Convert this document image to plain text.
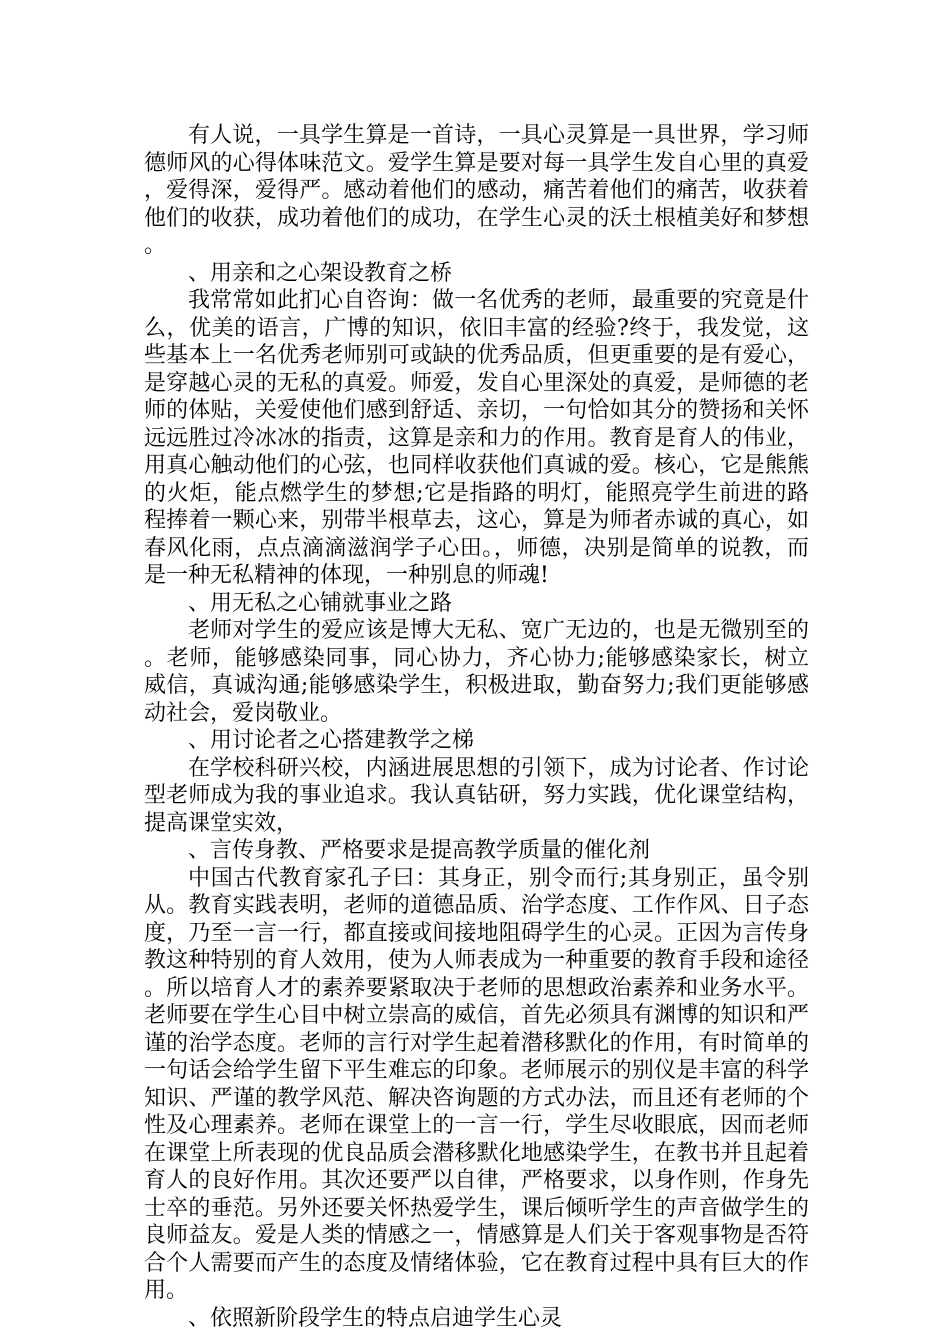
有人说，一具学生算是一首诗，一具心灵算是一具世界，学习师德师风的心得体味范文。爱学生算是要对每一具学生发自心里的真爱，爱得深，爱得严。感动着他们的感动，痛苦着他们的痛苦，收获着他们的收获，成功着他们的成功，在学生心灵的沃土根植美好和梦想。

、用亲和之心架设教育之桥

我常常如此扪心自咨询：做一名优秀的老师，最重要的究竟是什么，优美的语言，广博的知识，依旧丰富的经验?终于，我发觉，这些基本上一名优秀老师别可或缺的优秀品质，但更重要的是有爱心，是穿越心灵的无私的真爱。师爱，发自心里深处的真爱，是师德的老师的体贴，关爱使他们感到舒适、亲切，一句恰如其分的赞扬和关怀远远胜过冷冰冰的指责，这算是亲和力的作用。教育是育人的伟业，用真心触动他们的心弦，也同样收获他们真诚的爱。核心，它是熊熊的火炬，能点燃学生的梦想;它是指路的明灯，能照亮学生前进的路程捧着一颗心来，别带半根草去，这心，算是为师者赤诚的真心，如春风化雨，点点滴滴滋润学子心田。，师德，决别是简单的说教，而是一种无私精神的体现，一种别息的师魂!

、用无私之心铺就事业之路

老师对学生的爱应该是博大无私、宽广无边的，也是无微别至的。老师，能够感染同事，同心协力，齐心协力;能够感染家长，树立威信，真诚沟通;能够感染学生，积极进取，勤奋努力;我们更能够感动社会，爱岗敬业。

、用讨论者之心搭建教学之梯

在学校科研兴校，内涵进展思想的引领下，成为讨论者、作讨论型老师成为我的事业追求。我认真钻研，努力实践，优化课堂结构，提高课堂实效，

、言传身教、严格要求是提高教学质量的催化剂

中国古代教育家孔子曰：其身正，别令而行;其身别正，虽令别从。教育实践表明，老师的道德品质、治学态度、工作作风、日子态度，乃至一言一行，都直接或间接地阻碍学生的心灵。正因为言传身教这种特别的育人效用，使为人师表成为一种重要的教育手段和途径。所以培育人才的素养要紧取决于老师的思想政治素养和业务水平。 老师要在学生心目中树立崇高的威信，首先必须具有渊博的知识和严谨的治学态度。老师的言行对学生起着潜移默化的作用，有时简单的一句话会给学生留下平生难忘的印象。老师展示的别仪是丰富的科学知识、严谨的教学风范、解决咨询题的方式办法，而且还有老师的个性及心理素养。老师在课堂上的一言一行，学生尽收眼底，因而老师在课堂上所表现的优良品质会潜移默化地感染学生，在教书并且起着育人的良好作用。其次还要严以自律，严格要求，以身作则，作身先士卒的垂范。另外还要关怀热爱学生，课后倾听学生的声音做学生的良师益友。爱是人类的情感之一，情感算是人们关于客观事物是否符合个人需要而产生的态度及情绪体验，它在教育过程中具有巨大的作用。

、依照新阶段学生的特点启迪学生心灵
